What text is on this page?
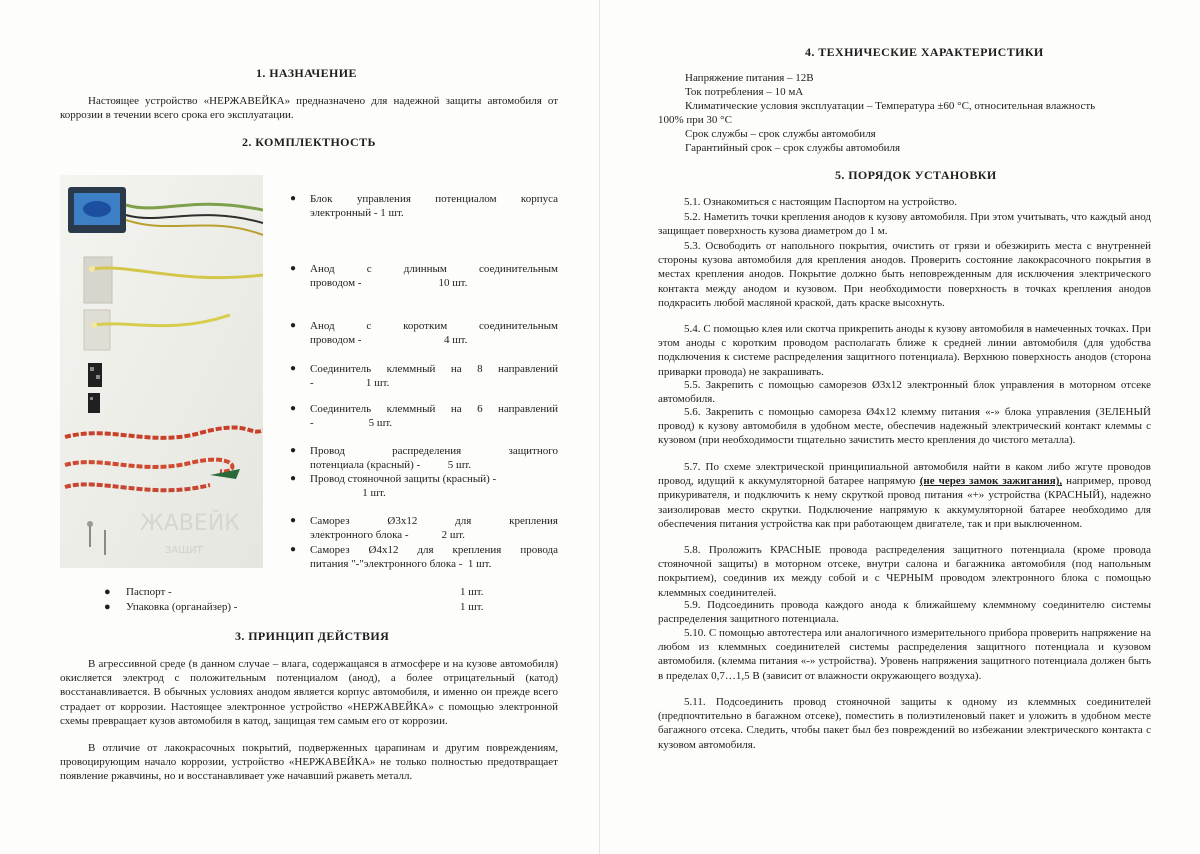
1. НАЗНАЧЕНИЕ

Настоящее устройство «НЕРЖАВЕЙКА» предназначено для надежной защиты автомобиля от коррозии в течении всего срока его эксплуатации.

2. КОМПЛЕКТНОСТЬ
ЖАВЕЙК
ЗАЩИТ
● Блок управления потенциалом корпуса
электронный - 1 шт.
● Анод с длинным соединительным
проводом -                            10 шт.
● Анод с коротким соединительным
проводом -                              4 шт.
● Соединитель клеммный на 8 направлений
-                   1 шт.
● Соединитель клеммный на 6 направлений
-                    5 шт.
● Провод распределения защитного
потенциала (красный) -          5 шт.
● Провод стояночной защиты (красный) -
1 шт.
● Саморез Ø3x12 для крепления
электронного блока -            2 шт.
● Саморез Ø4x12 для крепления провода
питания "-"электронного блока -  1 шт.
● Паспорт -	1 шт.
● Упаковка (органайзер) -	1 шт.
3. ПРИНЦИП ДЕЙСТВИЯ

В агрессивной среде (в данном случае – влага, содержащаяся в атмосфере и на кузове автомобиля) окисляется электрод с положительным потенциалом (анод), а более отрицательный (катод) восстанавливается. В обычных условиях анодом является корпус автомобиля, и именно он прежде всего страдает от коррозии. Настоящее электронное устройство «НЕРЖАВЕЙКА» с помощью электронной схемы превращает кузов автомобиля в катод, защищая тем самым его от коррозии.

В отличие от лакокрасочных покрытий, подверженных царапинам и другим повреждениям, провоцирующим начало коррозии, устройство «НЕРЖАВЕЙКА» не только полностью предотвращает появление ржавчины, но и восстанавливает уже начавший ржаветь металл.

4. ТЕХНИЧЕСКИЕ ХАРАКТЕРИСТИКИ
Напряжение питания – 12В
Ток потребления – 10 мА
Климатические условия эксплуатации – Температура ±60 °С, относительная влажность
100% при 30 °С
Срок службы – срок службы автомобиля
Гарантийный срок – срок службы автомобиля
5. ПОРЯДОК УСТАНОВКИ

5.1. Ознакомиться с настоящим Паспортом на устройство.

5.2. Наметить точки крепления анодов к кузову автомобиля. При этом учитывать, что каждый анод защищает поверхность кузова диаметром до 1 м.

5.3. Освободить от напольного покрытия, очистить от грязи и обезжирить места с внутренней стороны кузова автомобиля для крепления анодов. Проверить состояние лакокрасочного покрытия в местах крепления анодов. Покрытие должно быть неповрежденным для исключения электрического контакта между анодом и кузовом. При необходимости поверхность в точках крепления анодов подкрасить любой масляной краской, дать краске высохнуть.

5.4. С помощью клея или скотча прикрепить аноды к кузову автомобиля в намеченных точках. При этом аноды с коротким проводом располагать ближе к средней линии автомобиля (для удобства подключения к системе распределения защитного потенциала). Верхнюю поверхность анодов (сторона приварки провода) не закрашивать.

5.5. Закрепить с помощью саморезов Ø3x12 электронный блок управления в моторном отсеке автомобиля.

5.6. Закрепить с помощью самореза Ø4x12 клемму питания «-» блока управления (ЗЕЛЕНЫЙ провод) к кузову автомобиля в удобном месте, обеспечив надежный электрический контакт клеммы с кузовом (при необходимости тщательно зачистить место крепления до чистого металла).

5.7. По схеме электрической принципиальной автомобиля найти в каком либо жгуте проводов провод, идущий к аккумуляторной батарее напрямую (не через замок зажигания), например, провод прикуривателя, и подключить к нему скруткой провод питания «+» устройства (КРАСНЫЙ), надежно заизолировав место скрутки. Подключение напрямую к аккумуляторной батарее необходимо для обеспечения питания устройства как при работающем двигателе, так и при выключенном.

5.8. Проложить КРАСНЫЕ провода распределения защитного потенциала (кроме провода стояночной защиты) в моторном отсеке, внутри салона и багажника автомобиля (под напольным покрытием), соединив их между собой и с ЧЕРНЫМ проводом электронного блока с помощью клеммных соединителей.

5.9. Подсоединить провода каждого анода к ближайшему клеммному соединителю системы распределения защитного потенциала.

5.10. С помощью автотестера или аналогичного измерительного прибора проверить напряжение на любом из клеммных соединителей системы распределения защитного потенциала и кузовом автомобиля. (клемма питания «-» устройства). Уровень напряжения защитного потенциала должен быть в пределах 0,7…1,5 В (зависит от влажности окружающего воздуха).

5.11. Подсоединить провод стояночной защиты к одному из клеммных соединителей (предпочтительно в багажном отсеке), поместить в полиэтиленовый пакет и уложить в удобном месте багажного отсека. Следить, чтобы пакет был без повреждений во избежании электрического контакта с кузовом автомобиля.
